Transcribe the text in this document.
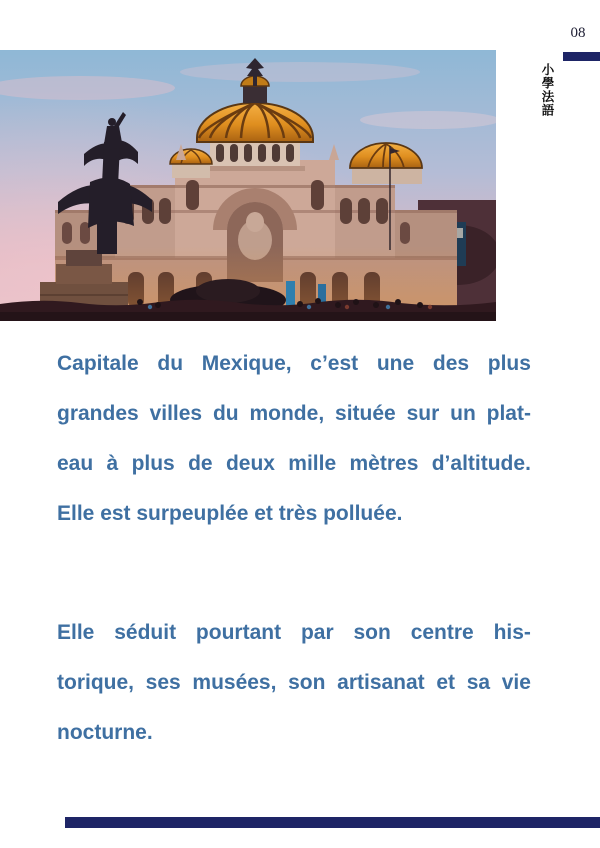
08
小學法語
Capitale du Mexique, c’est une des plus
grandes villes du monde, située sur un plat-
eau à plus de deux mille mètres d’altitude.
Elle est surpeuplée et très polluée.
Elle séduit pourtant par son centre his-
torique, ses musées, son artisanat et sa vie
nocturne.
